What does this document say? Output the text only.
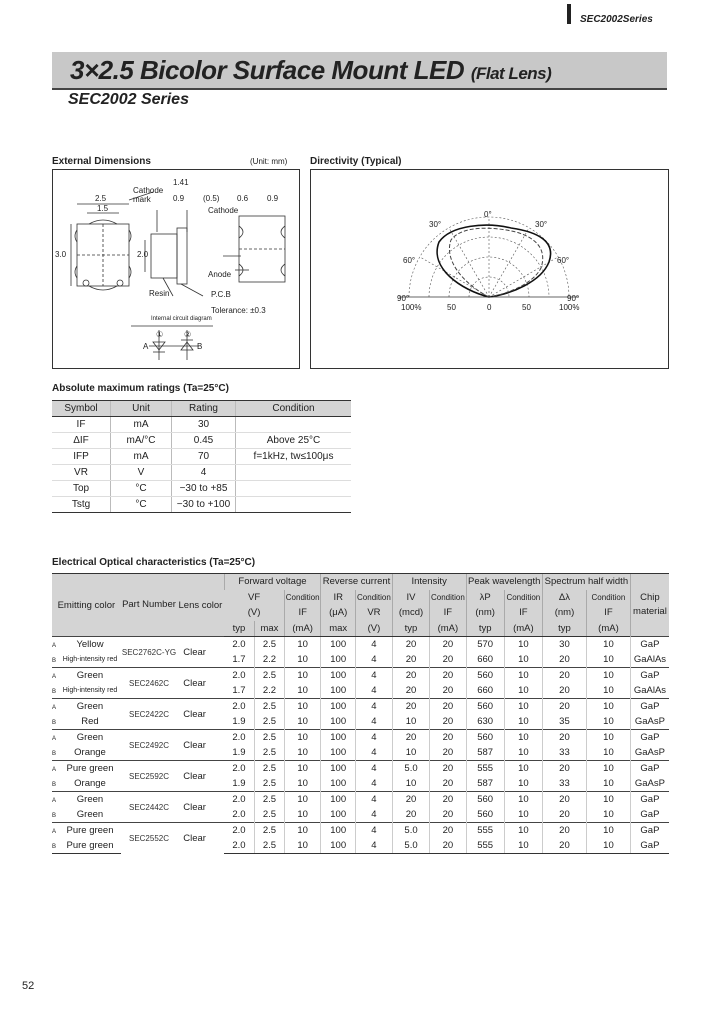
SEC2002Series
3×2.5 Bicolor Surface Mount LED (Flat Lens)
SEC2002 Series
External Dimensions	(Unit: mm)
Cathode mark
Cathode
Anode
Resin	P.C.B
Tolerance: ±0.3
Internal circuit diagram
2.5
1.5
1.41
0.9 (0.5) 0.6 0.9
3.0	2.0
①	②
A	B
Directivity (Typical)
0°
30°	30°
60°	60°
90°	90°
100%	50	0	50	100%
Absolute maximum ratings (Ta=25°C)
Symbol	Unit	Rating	Condition
IF	mA	30	
ΔIF	mA/°C	0.45	Above 25°C
IFP	mA	70	f=1kHz, tw≤100μs
VR	V	4	
Top	°C	−30 to +85	
Tstg	°C	−30 to +100	
Electrical Optical characteristics (Ta=25°C)
Emitting color	Part Number	Lens color	Forward voltage			Reverse current		Intensity		Peak wavelength		Spectrum half width		Chip material
			VF		Condition	IR	Condition	IV	Condition	λP	Condition	Δλ	Condition	
			(V)		IF	(μA)	VR	(mcd)	IF	(nm)	IF	(nm)	IF	
			typ	max	(mA)	max	(V)	typ	(mA)	typ	(mA)	typ	(mA)	
A Yellow	SEC2762C-YG	Clear	2.0	2.5	10	100	4	20	20	570	10	30	10	GaP
B High-intensity red			1.7	2.2	10	100	4	20	20	660	10	20	10	GaAlAs
A Green	SEC2462C	Clear	2.0	2.5	10	100	4	20	20	560	10	20	10	GaP
B High-intensity red			1.7	2.2	10	100	4	20	20	660	10	20	10	GaAlAs
A Green	SEC2422C	Clear	2.0	2.5	10	100	4	20	20	560	10	20	10	GaP
B Red			1.9	2.5	10	100	4	10	20	630	10	35	10	GaAsP
A Green	SEC2492C	Clear	2.0	2.5	10	100	4	20	20	560	10	20	10	GaP
B Orange			1.9	2.5	10	100	4	10	20	587	10	33	10	GaAsP
A Pure green	SEC2592C	Clear	2.0	2.5	10	100	4	5.0	20	555	10	20	10	GaP
B Orange			1.9	2.5	10	100	4	10	20	587	10	33	10	GaAsP
A Green	SEC2442C	Clear	2.0	2.5	10	100	4	20	20	560	10	20	10	GaP
B Green			2.0	2.5	10	100	4	20	20	560	10	20	10	GaP
A Pure green	SEC2552C	Clear	2.0	2.5	10	100	4	5.0	20	555	10	20	10	GaP
B Pure green			2.0	2.5	10	100	4	5.0	20	555	10	20	10	GaP
52
